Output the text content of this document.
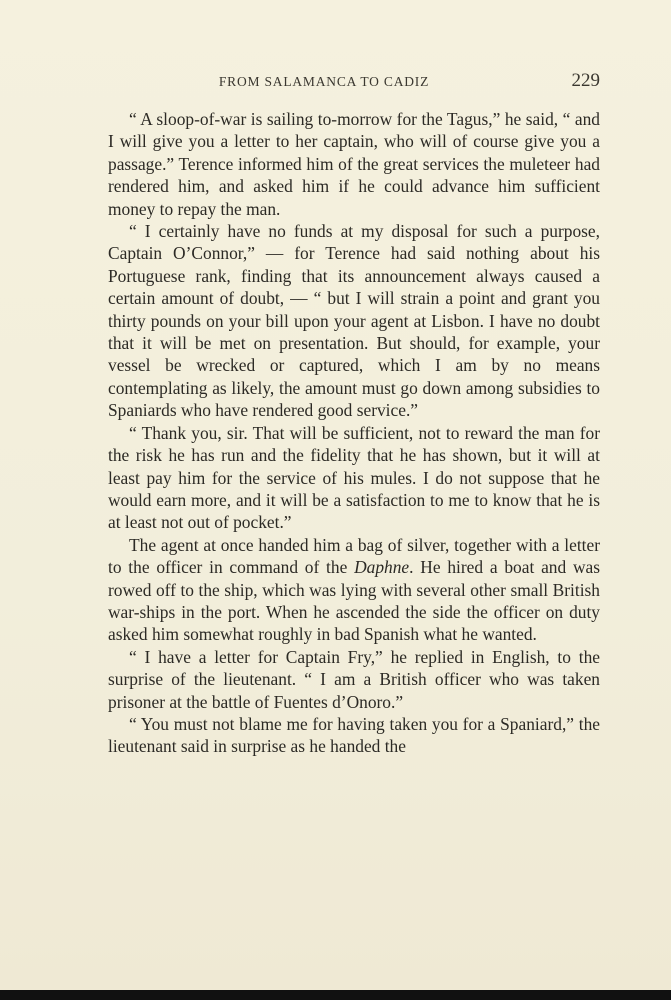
FROM SALAMANCA TO CADIZ	229

“ A sloop-of-war is sailing to-morrow for the Tagus,” he said, “ and I will give you a letter to her captain, who will of course give you a passage.” Terence informed him of the great services the muleteer had rendered him, and asked him if he could advance him sufficient money to repay the man.

“ I certainly have no funds at my disposal for such a purpose, Captain O’Connor,” — for Terence had said nothing about his Portuguese rank, finding that its announcement always caused a certain amount of doubt, — “ but I will strain a point and grant you thirty pounds on your bill upon your agent at Lisbon. I have no doubt that it will be met on presentation. But should, for example, your vessel be wrecked or captured, which I am by no means contemplating as likely, the amount must go down among subsidies to Spaniards who have rendered good service.”

“ Thank you, sir. That will be sufficient, not to reward the man for the risk he has run and the fidelity that he has shown, but it will at least pay him for the service of his mules. I do not suppose that he would earn more, and it will be a satisfaction to me to know that he is at least not out of pocket.”

The agent at once handed him a bag of silver, together with a letter to the officer in command of the Daphne. He hired a boat and was rowed off to the ship, which was lying with several other small British war-ships in the port. When he ascended the side the officer on duty asked him somewhat roughly in bad Spanish what he wanted.

“ I have a letter for Captain Fry,” he replied in English, to the surprise of the lieutenant. “ I am a British officer who was taken prisoner at the battle of Fuentes d’Onoro.”

“ You must not blame me for having taken you for a Spaniard,” the lieutenant said in surprise as he handed the
